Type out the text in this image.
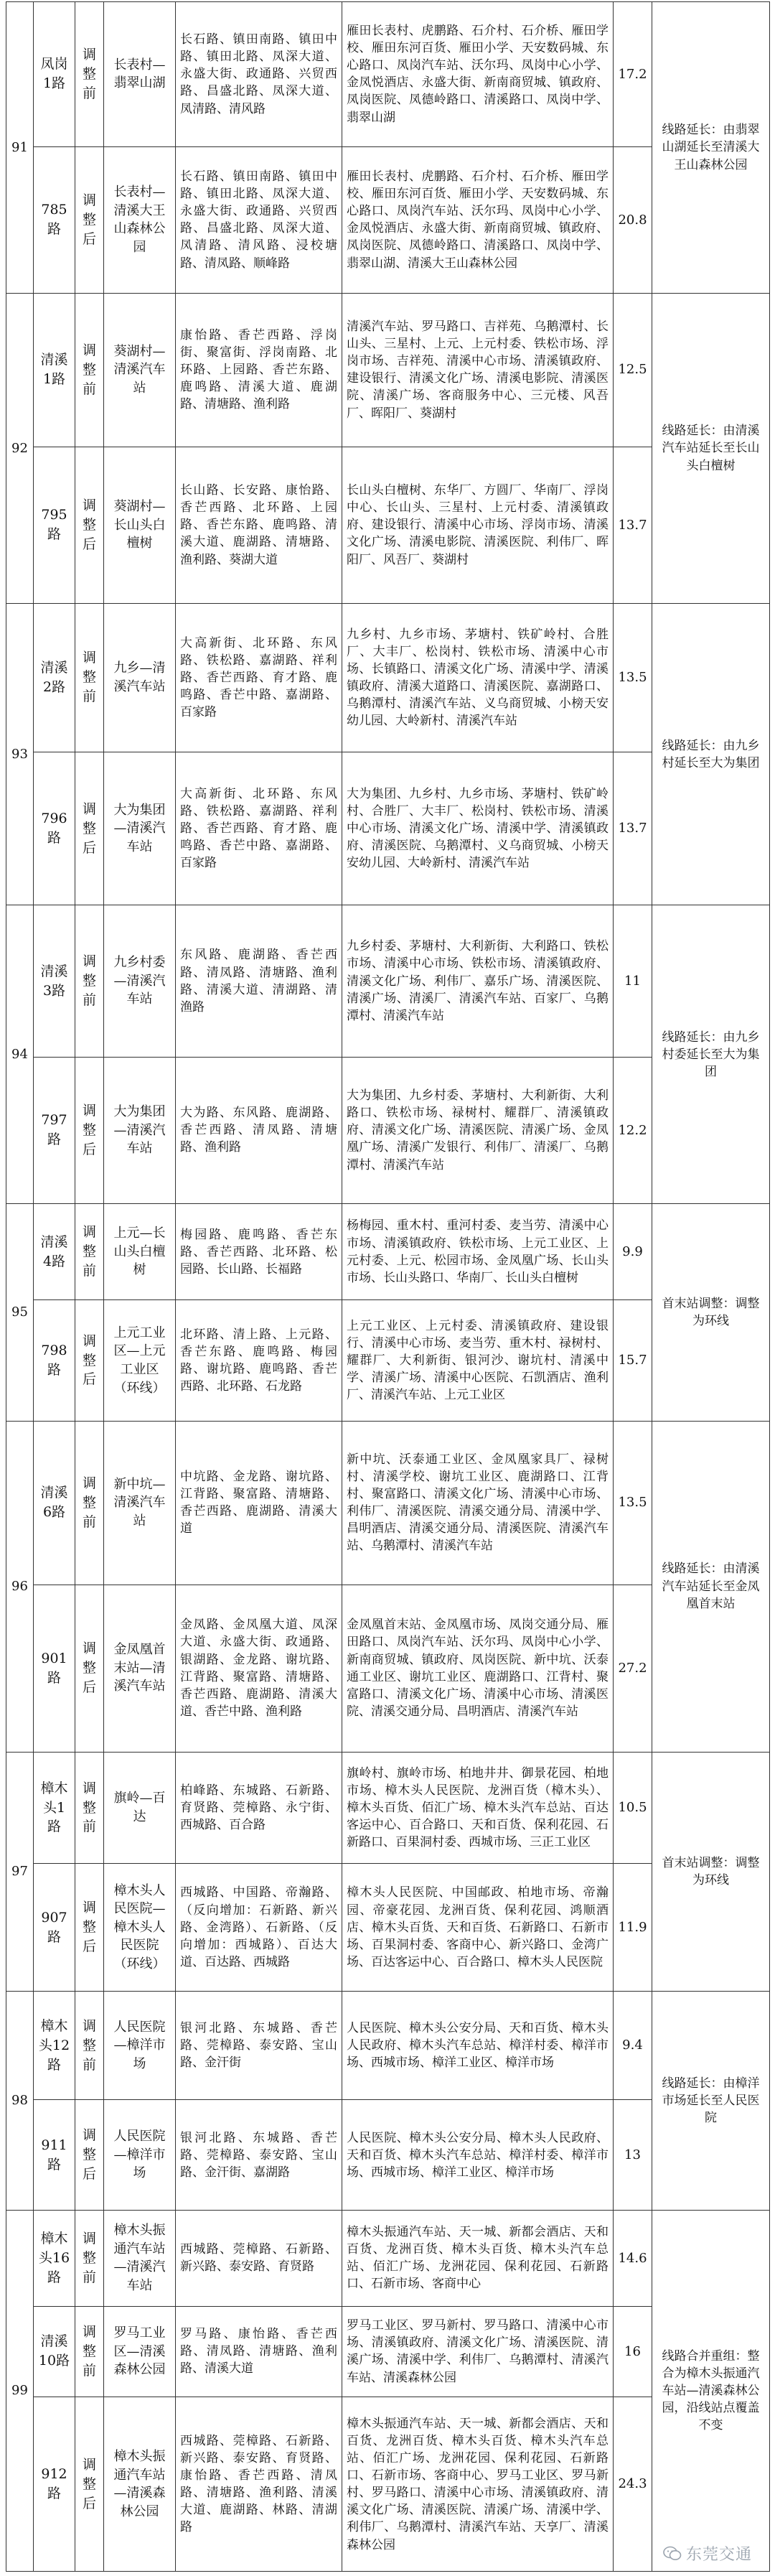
91	凤岗1路	调整前	长表村—翡翠山湖	长石路、镇田南路、镇田中路、镇田北路、凤深大道、永盛大街、政通路、兴贸西路、昌盛北路、凤深大道、凤清路、清风路	雁田长表村、虎鹏路、石介村、石介桥、雁田学校、雁田东河百货、雁田小学、天安数码城、东心路口、凤岗汽车站、沃尔玛、凤岗中心小学、金凤悦酒店、永盛大街、新南商贸城、镇政府、凤岗医院、凤德岭路口、清溪路口、凤岗中学、翡翠山湖	17.2	线路延长：由翡翠山湖延长至清溪大王山森林公园
	785路	调整后	长表村—清溪大王山森林公园	长石路、镇田南路、镇田中路、镇田北路、凤深大道、永盛大街、政通路、兴贸西路、昌盛北路、凤深大道、凤清路、清风路、浸校塘路、清凤路、顺峰路	雁田长表村、虎鹏路、石介村、石介桥、雁田学校、雁田东河百货、雁田小学、天安数码城、东心路口、凤岗汽车站、沃尔玛、凤岗中心小学、金凤悦酒店、永盛大街、新南商贸城、镇政府、凤岗医院、凤德岭路口、清溪路口、凤岗中学、翡翠山湖、清溪大王山森林公园	20.8	
92	清溪1路	调整前	葵湖村—清溪汽车站	康怡路、香芒西路、浮岗街、聚富街、浮岗南路、北环路、上园路、香芒东路、鹿鸣路、清溪大道、鹿湖路、清塘路、渔利路	清溪汽车站、罗马路口、吉祥苑、乌鹅潭村、长山头、三星村、上元、上元村委、铁松市场、浮岗市场、吉祥苑、清溪中心市场、清溪镇政府、建设银行、清溪文化广场、清溪电影院、清溪医院、清溪广场、客商服务中心、三元楼、风吾厂、晖阳厂、葵湖村	12.5	线路延长：由清溪汽车站延长至长山头白檀树
	795路	调整后	葵湖村—长山头白檀树	长山路、长安路、康怡路、香芒西路、北环路、上园路、香芒东路、鹿鸣路、清溪大道、鹿湖路、清塘路、渔利路、葵湖大道	长山头白檀树、东华厂、方圆厂、华南厂、浮岗中心、长山头、三星村、上元村委、清溪镇政府、建设银行、清溪中心市场、浮岗市场、清溪文化广场、清溪电影院、清溪医院、利伟厂、晖阳厂、风吾厂、葵湖村	13.7	
93	清溪2路	调整前	九乡—清溪汽车站	大高新街、北环路、东风路、铁松路、嘉湖路、祥利路、香芒西路、育才路、鹿鸣路、香芒中路、嘉湖路、百家路	九乡村、九乡市场、茅塘村、铁矿岭村、合胜厂、大丰厂、松岗村、铁松市场、清溪中心市场、长镇路口、清溪文化广场、清溪中学、清溪镇政府、清溪大道路口、清溪医院、嘉湖路口、乌鹅潭村、清溪汽车站、义乌商贸城、小榜天安幼儿园、大岭新村、清溪汽车站	13.5	线路延长：由九乡村延长至大为集团
	796路	调整后	大为集团—清溪汽车站	大高新街、北环路、东风路、铁松路、嘉湖路、祥利路、香芒西路、育才路、鹿鸣路、香芒中路、嘉湖路、百家路	大为集团、九乡村、九乡市场、茅塘村、铁矿岭村、合胜厂、大丰厂、松岗村、铁松市场、清溪中心市场、清溪文化广场、清溪中学、清溪镇政府、清溪医院、乌鹅潭村、义乌商贸城、小榜天安幼儿园、大岭新村、清溪汽车站	13.7	
94	清溪3路	调整前	九乡村委—清溪汽车站	东风路、鹿湖路、香芒西路、清凤路、清塘路、渔利路、清溪大道、清湖路、清渔路	九乡村委、茅塘村、大利新街、大利路口、铁松市场、清溪中心市场、铁松市场、清溪镇政府、清溪文化广场、利伟厂、嘉乐广场、清溪医院、清溪广场、清溪厂、清溪汽车站、百家厂、乌鹅潭村、清溪汽车站	11	线路延长：由九乡村委延长至大为集团
	797路	调整后	大为集团—清溪汽车站	大为路、东风路、鹿湖路、香芒西路、清凤路、清塘路、渔利路	大为集团、九乡村委、茅塘村、大利新街、大利路口、铁松市场、禄树村、耀群厂、清溪镇政府、清溪文化广场、清溪医院、清溪广场、金凤凰广场、清溪广发银行、利伟厂、清溪厂、乌鹅潭村、清溪汽车站	12.2	
95	清溪4路	调整前	上元—长山头白檀树	梅园路、鹿鸣路、香芒东路、香芒西路、北环路、松园路、长山路、长福路	杨梅园、重木村、重河村委、麦当劳、清溪中心市场、清溪镇政府、铁松市场、上元工业区、上元村委、上元、松园市场、金凤凰广场、长山头市场、长山头路口、华南厂、长山头白檀树	9.9	首末站调整：调整为环线
	798路	调整后	上元工业区—上元工业区（环线）	北环路、清上路、上元路、香芒东路、鹿鸣路、梅园路、谢坑路、鹿鸣路、香芒西路、北环路、石龙路	上元工业区、上元村委、清溪镇政府、建设银行、清溪中心市场、麦当劳、重木村、禄树村、耀群厂、大利新街、银河沙、谢坑村、清溪中学、清溪广场、清溪中心医院、石凯酒店、渔利厂、清溪汽车站、上元工业区	15.7	
96	清溪6路	调整前	新中坑—清溪汽车站	中坑路、金龙路、谢坑路、江背路、聚富路、清塘路、香芒西路、鹿湖路、清溪大道	新中坑、沃泰通工业区、金凤凰家具厂、禄树村、清溪学校、谢坑工业区、鹿湖路口、江背村、聚富路口、清溪文化广场、清溪中心市场、利伟厂、清溪医院、清溪交通分局、清溪中学、昌明酒店、清溪交通分局、清溪医院、清溪汽车站、乌鹅潭村、清溪汽车站	13.5	线路延长：由清溪汽车站延长至金凤凰首末站
	901路	调整后	金凤凰首末站—清溪汽车站	金凤路、金凤凰大道、凤深大道、永盛大街、政通路、银湖路、金龙路、谢坑路、江背路、聚富路、清塘路、香芒西路、鹿湖路、清溪大道、香芒中路、渔利路	金凤凰首末站、金凤凰市场、凤岗交通分局、雁田路口、凤岗汽车站、沃尔玛、凤岗中心小学、新南商贸城、镇政府、凤岗医院、新中坑、沃泰通工业区、谢坑工业区、鹿湖路口、江背村、聚富路口、清溪文化广场、清溪中心市场、清溪医院、清溪交通分局、昌明酒店、清溪汽车站	27.2	
97	樟木头1路	调整前	旗岭—百达	柏峰路、东城路、石新路、育贤路、莞樟路、永宁街、西城路、百合路	旗岭村、旗岭市场、柏地井井、御景花园、柏地市场、樟木头人民医院、龙洲百货（樟木头）、樟木头百货、佰汇广场、樟木头汽车总站、百达客运中心、百合路口、天和百货、保利花园、石新路口、百果洞村委、西城市场、三正工业区	10.5	首末站调整：调整为环线
	907路	调整后	樟木头人民医院—樟木头人民医院（环线）	西城路、中国路、帝瀚路、（反向增加：石新路、新兴路、金湾路）、石新路、（反向增加：西城路）、百达大道、百达路、西城路	樟木头人民医院、中国邮政、柏地市场、帝瀚园、帝豪花园、龙洲百货、保利花园、鸿顺酒店、樟木头百货、天和百货、石新路口、石新市场、百果洞村委、客商中心、新兴路口、金湾广场、百达客运中心、百合路口、樟木头人民医院	11.9	
98	樟木头12路	调整前	人民医院—樟洋市场	银河北路、东城路、香芒路、莞樟路、泰安路、宝山路、金汗街	人民医院、樟木头公安分局、天和百货、樟木头人民政府、樟木头汽车总站、樟洋村委、樟洋市场、西城市场、樟洋工业区、樟洋市场	9.4	线路延长：由樟洋市场延长至人民医院
	911路	调整后	人民医院—樟洋市场	银河北路、东城路、香芒路、莞樟路、泰安路、宝山路、金汗街、嘉湖路	人民医院、樟木头公安分局、樟木头人民政府、天和百货、樟木头汽车总站、樟洋村委、樟洋市场、西城市场、樟洋工业区、樟洋市场	13	
99	樟木头16路	调整前	樟木头振通汽车站—清溪汽车站	西城路、莞樟路、石新路、新兴路、泰安路、育贤路	樟木头振通汽车站、天一城、新都会酒店、天和百货、龙洲百货、樟木头百货、樟木头汽车总站、佰汇广场、龙洲花园、保利花园、石新路口、石新市场、客商中心	14.6	线路合并重组：整合为樟木头振通汽车站—清溪森林公园，沿线站点覆盖不变
	清溪10路	调整前	罗马工业区—清溪森林公园	罗马路、康怡路、香芒西路、清凤路、清塘路、渔利路、清溪大道	罗马工业区、罗马新村、罗马路口、清溪中心市场、清溪镇政府、清溪文化广场、清溪医院、清溪广场、清溪中学、利伟厂、乌鹅潭村、清溪汽车站、清溪森林公园	16	
	912路	调整后	樟木头振通汽车站—清溪森林公园	西城路、莞樟路、石新路、新兴路、泰安路、育贤路、康怡路、香芒西路、清凤路、清塘路、渔利路、清溪大道、鹿湖路、林路、清湖路	樟木头振通汽车站、天一城、新都会酒店、天和百货、龙洲百货、樟木头百货、樟木头汽车总站、佰汇广场、龙洲花园、保利花园、石新路口、石新市场、客商中心、罗马工业区、罗马新村、罗马路口、清溪中心市场、清溪镇政府、清溪文化广场、清溪医院、清溪广场、清溪中学、利伟厂、乌鹅潭村、清溪汽车站、天享厂、清溪森林公园	24.3	
东莞交通
